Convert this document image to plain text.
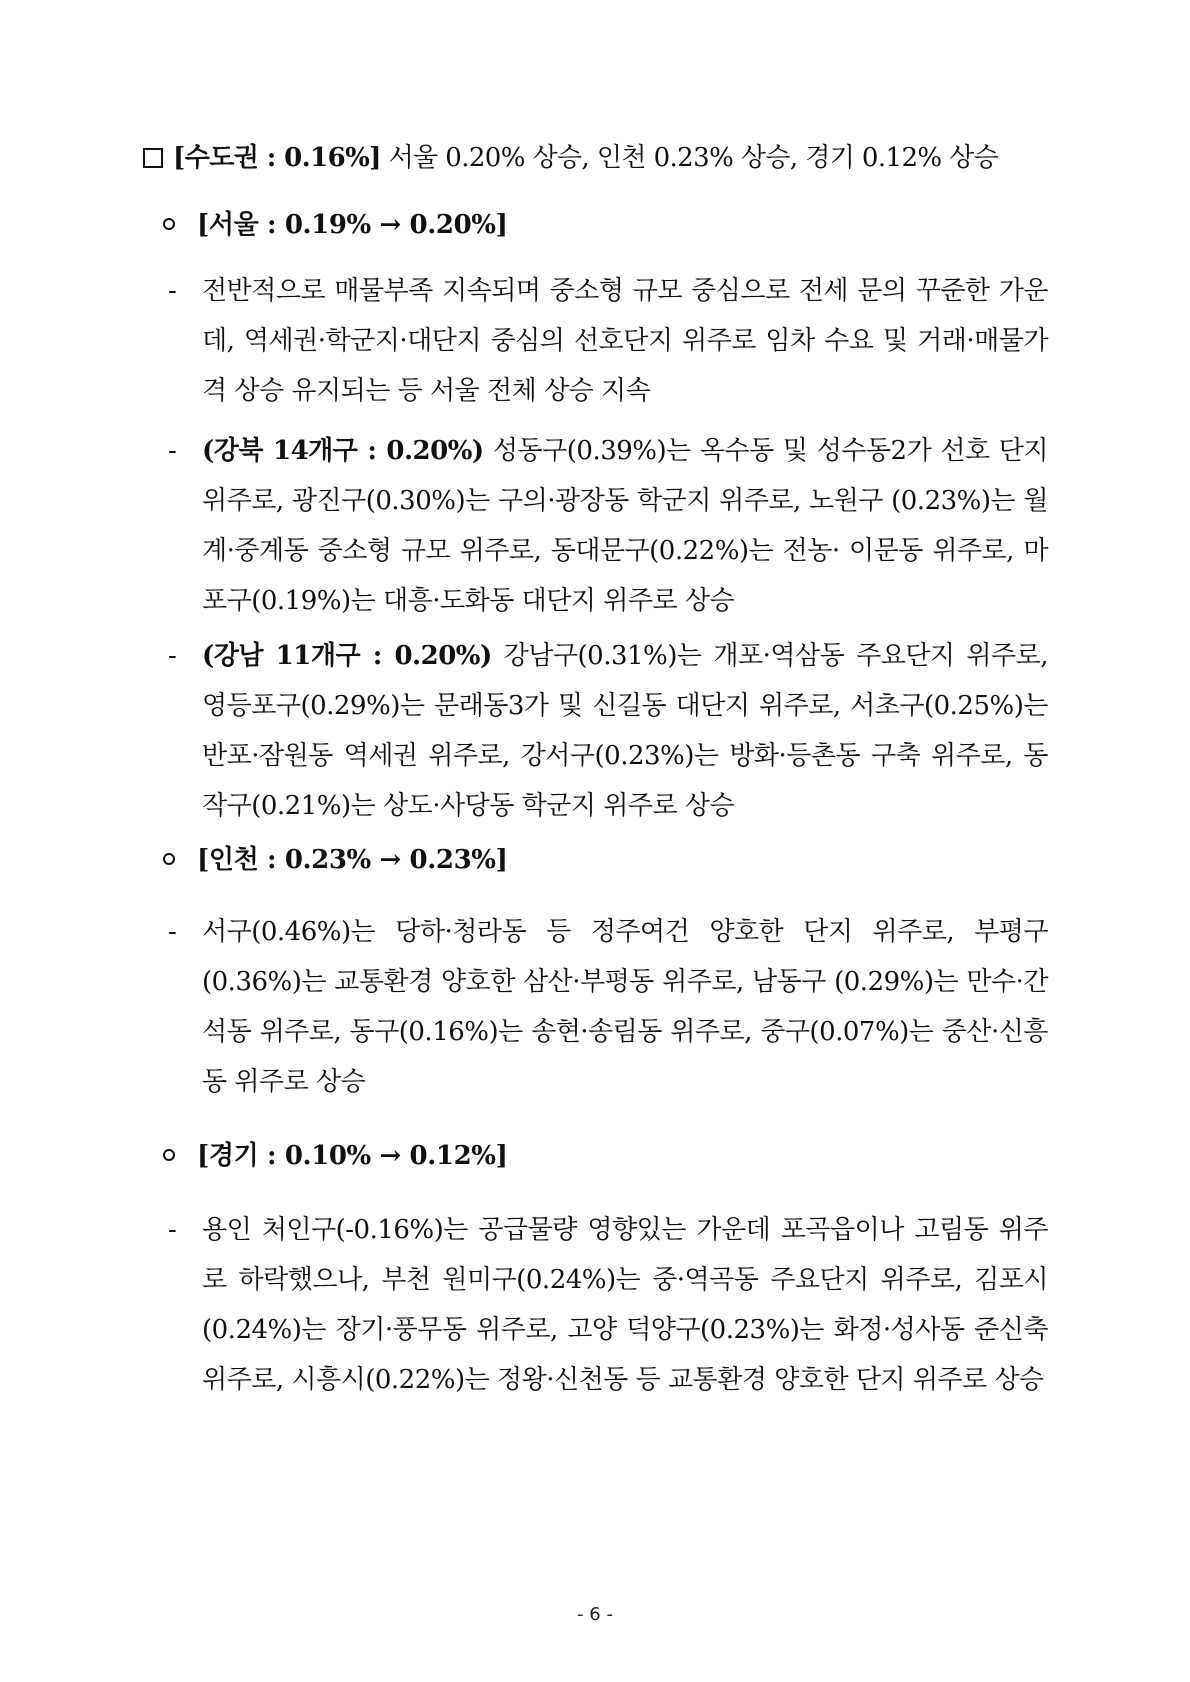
[수도권 : 0.16%] 서울 0.20% 상승, 인천 0.23% 상승, 경기 0.12% 상승
[서울 : 0.19% → 0.20%]
- 전반적으로 매물부족 지속되며 중소형 규모 중심으로 전세 문의 꾸준한 가운데, 역세권·학군지·대단지 중심의 선호단지 위주로 임차 수요 및 거래·매물가격 상승 유지되는 등 서울 전체 상승 지속
- (강북 14개구 : 0.20%) 성동구(0.39%)는 옥수동 및 성수동2가 선호 단지 위주로, 광진구(0.30%)는 구의·광장동 학군지 위주로, 노원구 (0.23%)는 월계·중계동 중소형 규모 위주로, 동대문구(0.22%)는 전농· 이문동 위주로, 마포구(0.19%)는 대흥·도화동 대단지 위주로 상승
- (강남 11개구 : 0.20%) 강남구(0.31%)는 개포·역삼동 주요단지 위주로, 영등포구(0.29%)는 문래동3가 및 신길동 대단지 위주로, 서초구(0.25%)는 반포·잠원동 역세권 위주로, 강서구(0.23%)는 방화·등촌동 구축 위주로, 동작구(0.21%)는 상도·사당동 학군지 위주로 상승
[인천 : 0.23% → 0.23%]
- 서구(0.46%)는 당하·청라동 등 정주여건 양호한 단지 위주로, 부평구(0.36%)는 교통환경 양호한 삼산·부평동 위주로, 남동구 (0.29%)는 만수·간석동 위주로, 동구(0.16%)는 송현·송림동 위주로, 중구(0.07%)는 중산·신흥동 위주로 상승
[경기 : 0.10% → 0.12%]
- 용인 처인구(-0.16%)는 공급물량 영향있는 가운데 포곡읍이나 고림동 위주로 하락했으나, 부천 원미구(0.24%)는 중·역곡동 주요단지 위주로, 김포시(0.24%)는 장기·풍무동 위주로, 고양 덕양구(0.23%)는 화정·성사동 준신축 위주로, 시흥시(0.22%)는 정왕·신천동 등 교통환경 양호한 단지 위주로 상승
- 6 -
